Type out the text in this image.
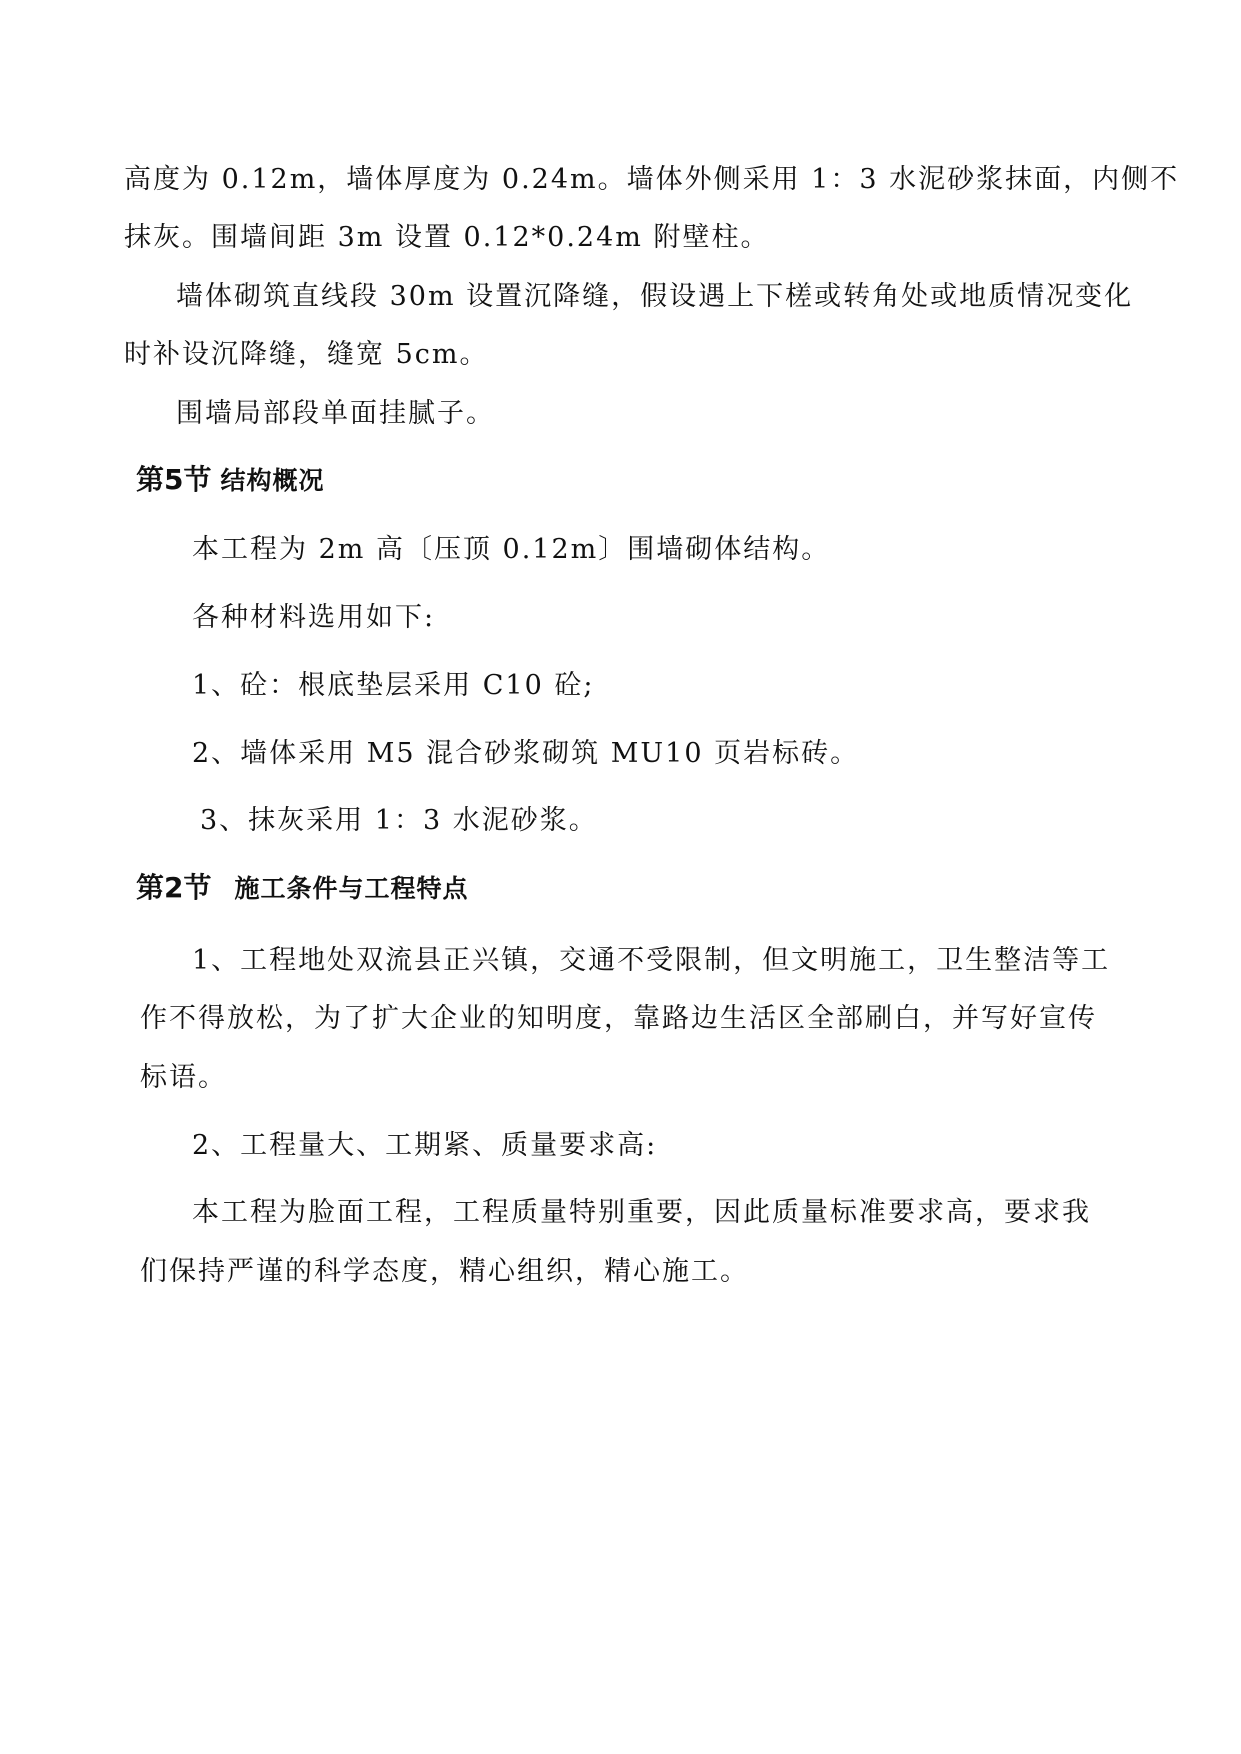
高度为 0.12m，墙体厚度为 0.24m。墙体外侧采用 1：3 水泥砂浆抹面，内侧不

抹灰。围墙间距 3m 设置 0.12*0.24m 附壁柱。

墙体砌筑直线段 30m 设置沉降缝，假设遇上下槎或转角处或地质情况变化

时补设沉降缝，缝宽 5cm。

围墙局部段单面挂腻子。

第5节 结构概况

本工程为 2m 高〔压顶 0.12m〕围墙砌体结构。

各种材料选用如下:

1、砼：根底垫层采用 C10 砼;

2、墙体采用 M5 混合砂浆砌筑 MU10 页岩标砖。

3、抹灰采用 1：3 水泥砂浆。

第2节 施工条件与工程特点

1、工程地处双流县正兴镇，交通不受限制，但文明施工，卫生整洁等工

作不得放松，为了扩大企业的知明度，靠路边生活区全部刷白，并写好宣传

标语。

2、工程量大、工期紧、质量要求高:

本工程为脸面工程，工程质量特别重要，因此质量标准要求高，要求我

们保持严谨的科学态度，精心组织，精心施工。
